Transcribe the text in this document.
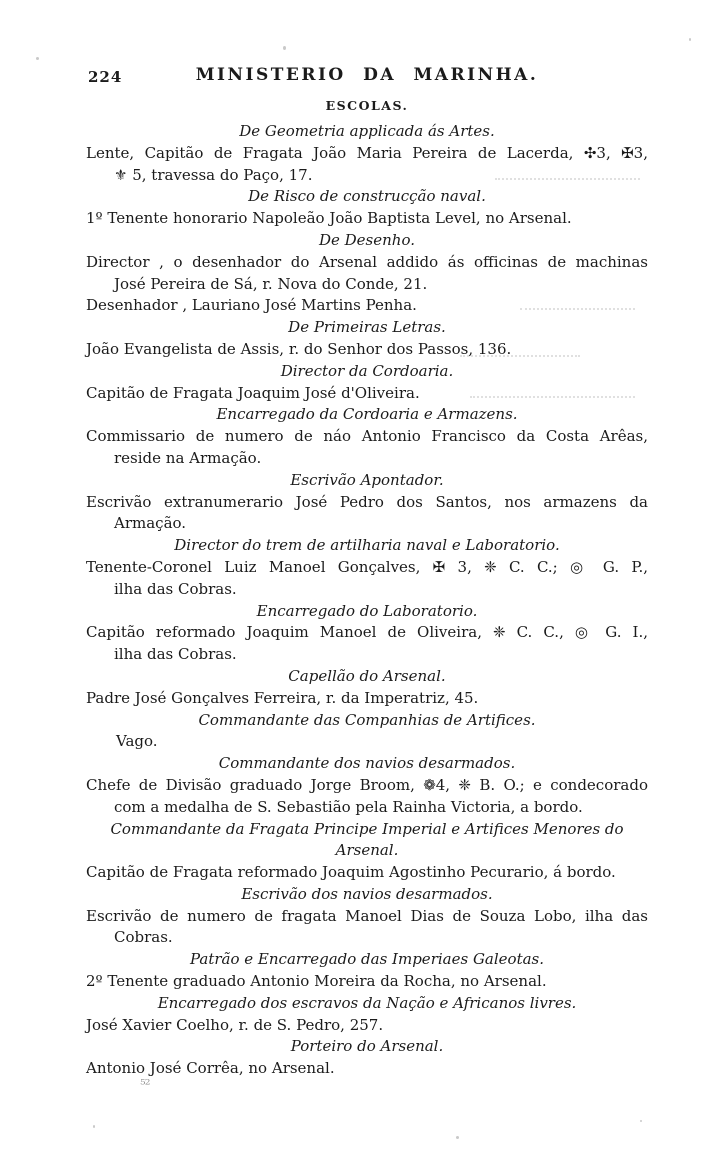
224	MINISTERIO DA MARINHA.
ESCOLAS.
De Geometria applicada ás Artes.
Lente, Capitão de Fragata João Maria Pereira de Lacerda, ✣3, ✠3,
⚜ 5, travessa do Paço, 17.
De Risco de construcção naval.
1º Tenente honorario Napoleão João Baptista Level, no Arsenal.
De Desenho.
Director , o desenhador do Arsenal addido ás officinas de machinas
José Pereira de Sá, r. Nova do Conde, 21.
Desenhador , Lauriano José Martins Penha.
De Primeiras Letras.
João Evangelista de Assis, r. do Senhor dos Passos, 136.
Director da Cordoaria.
Capitão de Fragata Joaquim José d'Oliveira.
Encarregado da Cordoaria e Armazens.
Commissario de numero de náo Antonio Francisco da Costa Arêas,
reside na Armação.
Escrivão Apontador.
Escrivão extranumerario José Pedro dos Santos, nos armazens da
Armação.
Director do trem de artilharia naval e Laboratorio.
Tenente-Coronel Luiz Manoel Gonçalves, ✠ 3, ❈ C. C.; ◎ G. P.,
ilha das Cobras.
Encarregado do Laboratorio.
Capitão reformado Joaquim Manoel de Oliveira, ❈ C. C., ◎ G. I.,
ilha das Cobras.
Capellão do Arsenal.
Padre José Gonçalves Ferreira, r. da Imperatriz, 45.
Commandante das Companhias de Artifices.
Vago.
Commandante dos navios desarmados.
Chefe de Divisão graduado Jorge Broom, ❁4, ❈ B. O.; e condecorado
com a medalha de S. Sebastião pela Rainha Victoria, a bordo.
Commandante da Fragata Principe Imperial e Artifices Menores do
Arsenal.
Capitão de Fragata reformado Joaquim Agostinho Pecurario, á bordo.
Escrivão dos navios desarmados.
Escrivão de numero de fragata Manoel Dias de Souza Lobo, ilha das
Cobras.
Patrão e Encarregado das Imperiaes Galeotas.
2º Tenente graduado Antonio Moreira da Rocha, no Arsenal.
Encarregado dos escravos da Nação e Africanos livres.
José Xavier Coelho, r. de S. Pedro, 257.
Porteiro do Arsenal.
Antonio José Corrêa, no Arsenal.
52
